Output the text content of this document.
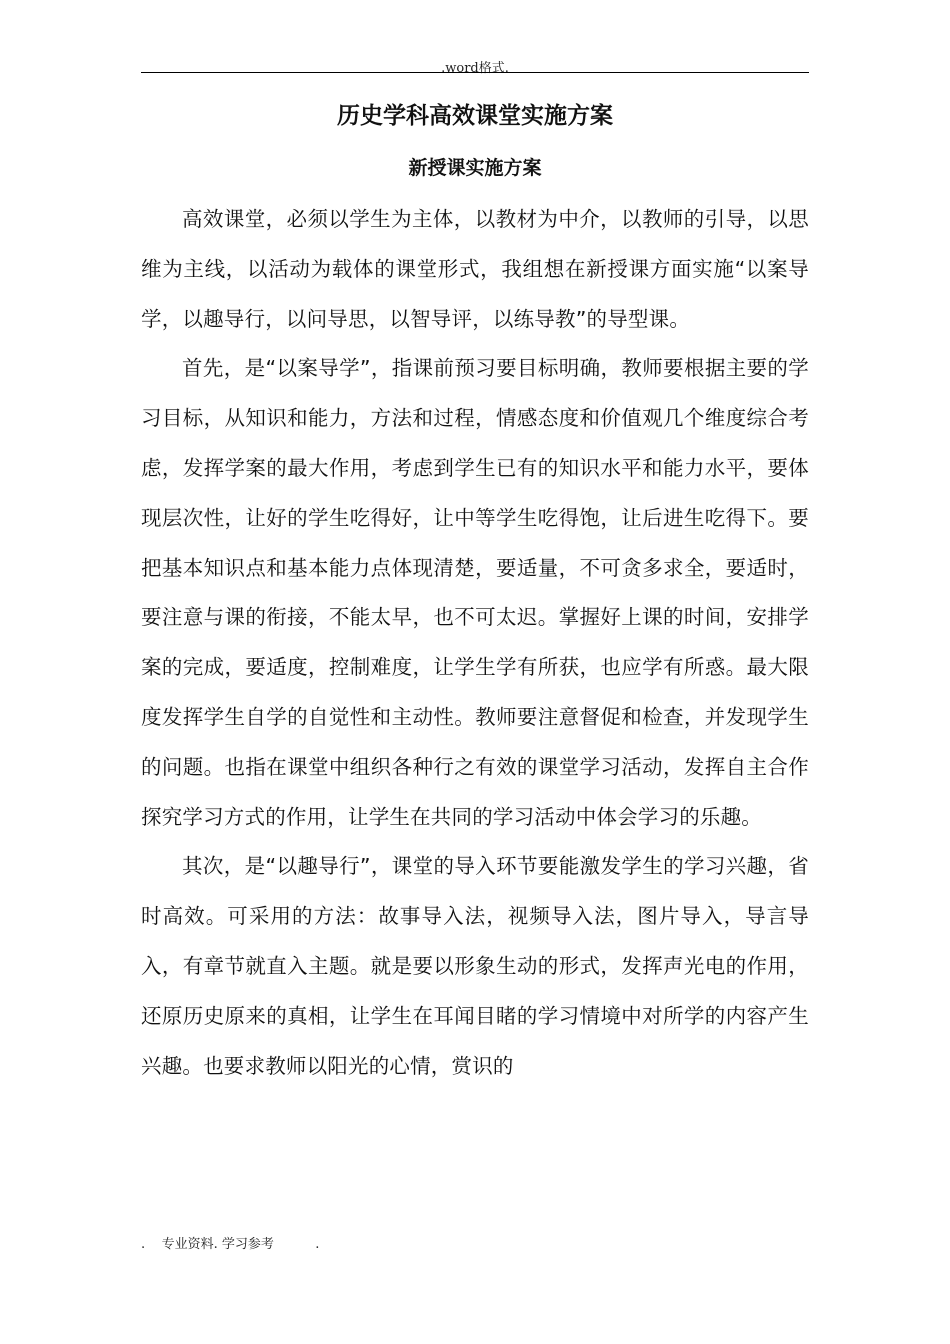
.word格式.
历史学科高效课堂实施方案
新授课实施方案

高效课堂，必须以学生为主体，以教材为中介，以教师的引导，以思维为主线，以活动为载体的课堂形式，我组想在新授课方面实施“以案导学，以趣导行，以问导思，以智导评，以练导教”的导型课。

首先，是“以案导学”，指课前预习要目标明确，教师要根据主要的学习目标，从知识和能力，方法和过程，情感态度和价值观几个维度综合考虑，发挥学案的最大作用，考虑到学生已有的知识水平和能力水平，要体现层次性，让好的学生吃得好，让中等学生吃得饱，让后进生吃得下。要把基本知识点和基本能力点体现清楚，要适量，不可贪多求全，要适时，要注意与课的衔接，不能太早，也不可太迟。掌握好上课的时间，安排学案的完成，要适度，控制难度，让学生学有所获，也应学有所惑。最大限度发挥学生自学的自觉性和主动性。教师要注意督促和检查，并发现学生的问题。也指在课堂中组织各种行之有效的课堂学习活动，发挥自主合作探究学习方式的作用，让学生在共同的学习活动中体会学习的乐趣。

其次，是“以趣导行”，课堂的导入环节要能激发学生的学习兴趣，省时高效。可采用的方法：故事导入法，视频导入法，图片导入，导言导入，有章节就直入主题。就是要以形象生动的形式，发挥声光电的作用，还原历史原来的真相，让学生在耳闻目睹的学习情境中对所学的内容产生兴趣。也要求教师以阳光的心情，赏识的

.    专业资料. 学习参考          .
